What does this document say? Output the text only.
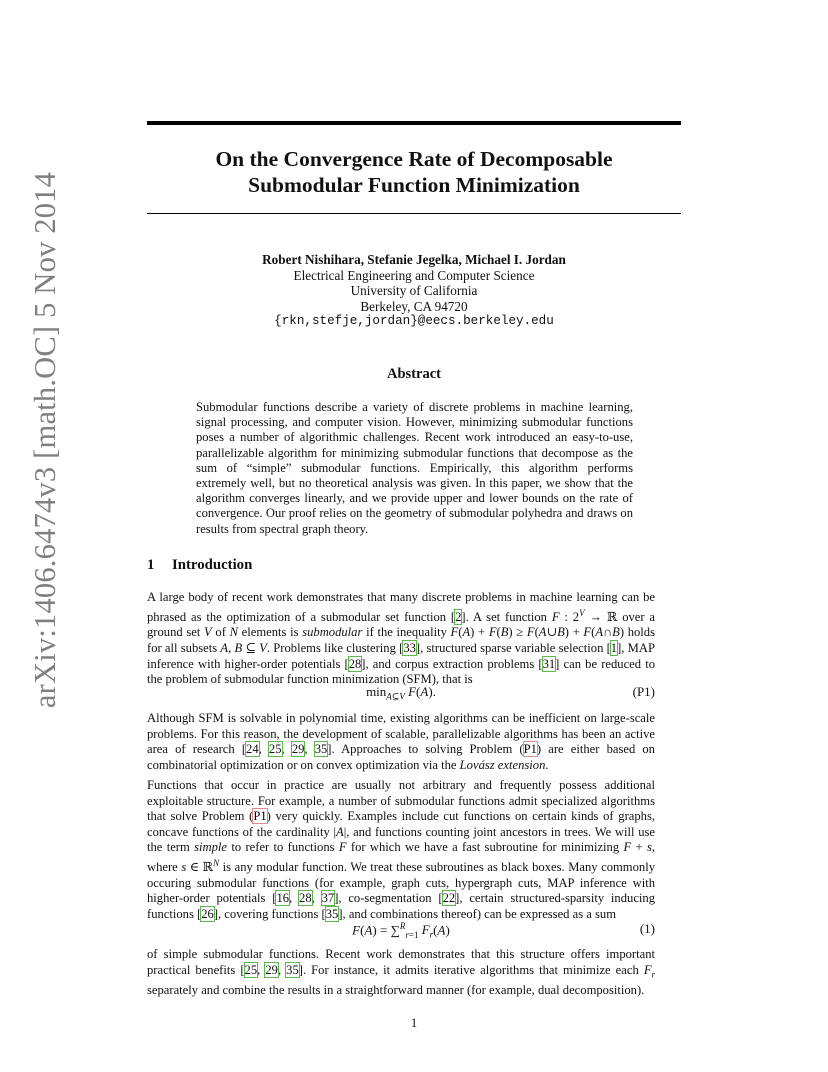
arXiv:1406.6474v3 [math.OC] 5 Nov 2014
On the Convergence Rate of Decomposable
Submodular Function Minimization
Robert Nishihara, Stefanie Jegelka, Michael I. Jordan
Electrical Engineering and Computer Science
University of California
Berkeley, CA 94720
{rkn,stefje,jordan}@eecs.berkeley.edu
Abstract

Submodular functions describe a variety of discrete problems in machine learning, signal processing, and computer vision. However, minimizing submodular functions poses a number of algorithmic challenges. Recent work introduced an easy-to-use, parallelizable algorithm for minimizing submodular functions that decompose as the sum of “simple” submodular functions. Empirically, this algorithm performs extremely well, but no theoretical analysis was given. In this paper, we show that the algorithm converges linearly, and we provide upper and lower bounds on the rate of convergence. Our proof relies on the geometry of submodular polyhedra and draws on results from spectral graph theory.

1 Introduction

A large body of recent work demonstrates that many discrete problems in machine learning can be phrased as the optimization of a submodular set function [2]. A set function F : $2^V$ → ℝ over a ground set V of N elements is submodular if the inequality F(A) + F(B) ≥ F(A∪B) + F(A∩B) holds for all subsets A, B ⊆ V. Problems like clustering [33], structured sparse variable selection [1], MAP inference with higher-order potentials [28], and corpus extraction problems [31] can be reduced to the problem of submodular function minimization (SFM), that is

$\min_{A⊆V} F(A)$.	(P1)

Although SFM is solvable in polynomial time, existing algorithms can be inefficient on large-scale problems. For this reason, the development of scalable, parallelizable algorithms has been an active area of research [24, 25, 29, 35]. Approaches to solving Problem (P1) are either based on combinatorial optimization or on convex optimization via the Lovász extension.

Functions that occur in practice are usually not arbitrary and frequently possess additional exploitable structure. For example, a number of submodular functions admit specialized algorithms that solve Problem (P1) very quickly. Examples include cut functions on certain kinds of graphs, concave functions of the cardinality |A|, and functions counting joint ancestors in trees. We will use the term simple to refer to functions F for which we have a fast subroutine for minimizing F + s, where s ∈ ℝ$^N$ is any modular function. We treat these subroutines as black boxes. Many commonly occuring submodular functions (for example, graph cuts, hypergraph cuts, MAP inference with higher-order potentials [16, 28, 37], co-segmentation [22], certain structured-sparsity inducing functions [26], covering functions [35], and combinations thereof) can be expressed as a sum

F(A) = ∑$^R_{r=1}$ $F_r(A)$	(1)

of simple submodular functions. Recent work demonstrates that this structure offers important practical benefits [25, 29, 35]. For instance, it admits iterative algorithms that minimize each $F_r$ separately and combine the results in a straightforward manner (for example, dual decomposition).

1
